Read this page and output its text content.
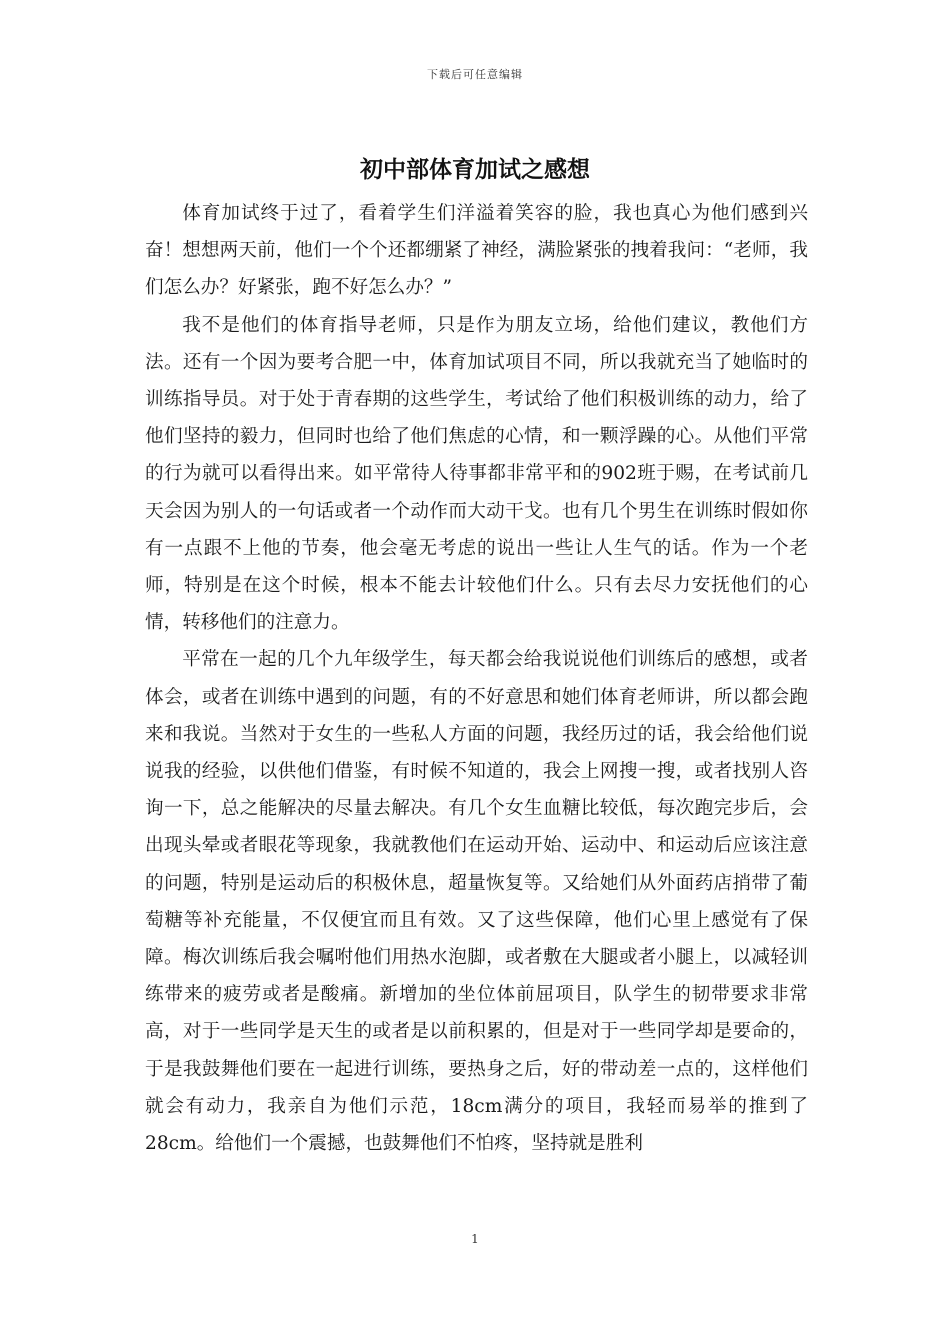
下载后可任意编辑
初中部体育加试之感想

体育加试终于过了，看着学生们洋溢着笑容的脸，我也真心为他们感到兴奋！想想两天前，他们一个个还都绷紧了神经，满脸紧张的拽着我问：“老师，我们怎么办？好紧张，跑不好怎么办？”

我不是他们的体育指导老师，只是作为朋友立场，给他们建议，教他们方法。还有一个因为要考合肥一中，体育加试项目不同，所以我就充当了她临时的训练指导员。对于处于青春期的这些学生，考试给了他们积极训练的动力，给了他们坚持的毅力，但同时也给了他们焦虑的心情，和一颗浮躁的心。从他们平常的行为就可以看得出来。如平常待人待事都非常平和的902班于赐，在考试前几天会因为别人的一句话或者一个动作而大动干戈。也有几个男生在训练时假如你有一点跟不上他的节奏，他会毫无考虑的说出一些让人生气的话。作为一个老师，特别是在这个时候，根本不能去计较他们什么。只有去尽力安抚他们的心情，转移他们的注意力。

平常在一起的几个九年级学生，每天都会给我说说他们训练后的感想，或者体会，或者在训练中遇到的问题，有的不好意思和她们体育老师讲，所以都会跑来和我说。当然对于女生的一些私人方面的问题，我经历过的话，我会给他们说说我的经验，以供他们借鉴，有时候不知道的，我会上网搜一搜，或者找别人咨询一下，总之能解决的尽量去解决。有几个女生血糖比较低，每次跑完步后，会出现头晕或者眼花等现象，我就教他们在运动开始、运动中、和运动后应该注意的问题，特别是运动后的积极休息，超量恢复等。又给她们从外面药店捎带了葡萄糖等补充能量，不仅便宜而且有效。又了这些保障，他们心里上感觉有了保障。梅次训练后我会嘱咐他们用热水泡脚，或者敷在大腿或者小腿上，以减轻训练带来的疲劳或者是酸痛。新增加的坐位体前屈项目，队学生的韧带要求非常高，对于一些同学是天生的或者是以前积累的，但是对于一些同学却是要命的，于是我鼓舞他们要在一起进行训练，要热身之后，好的带动差一点的，这样他们就会有动力，我亲自为他们示范，18cm满分的项目，我轻而易举的推到了28cm。给他们一个震撼，也鼓舞他们不怕疼，坚持就是胜利

1
